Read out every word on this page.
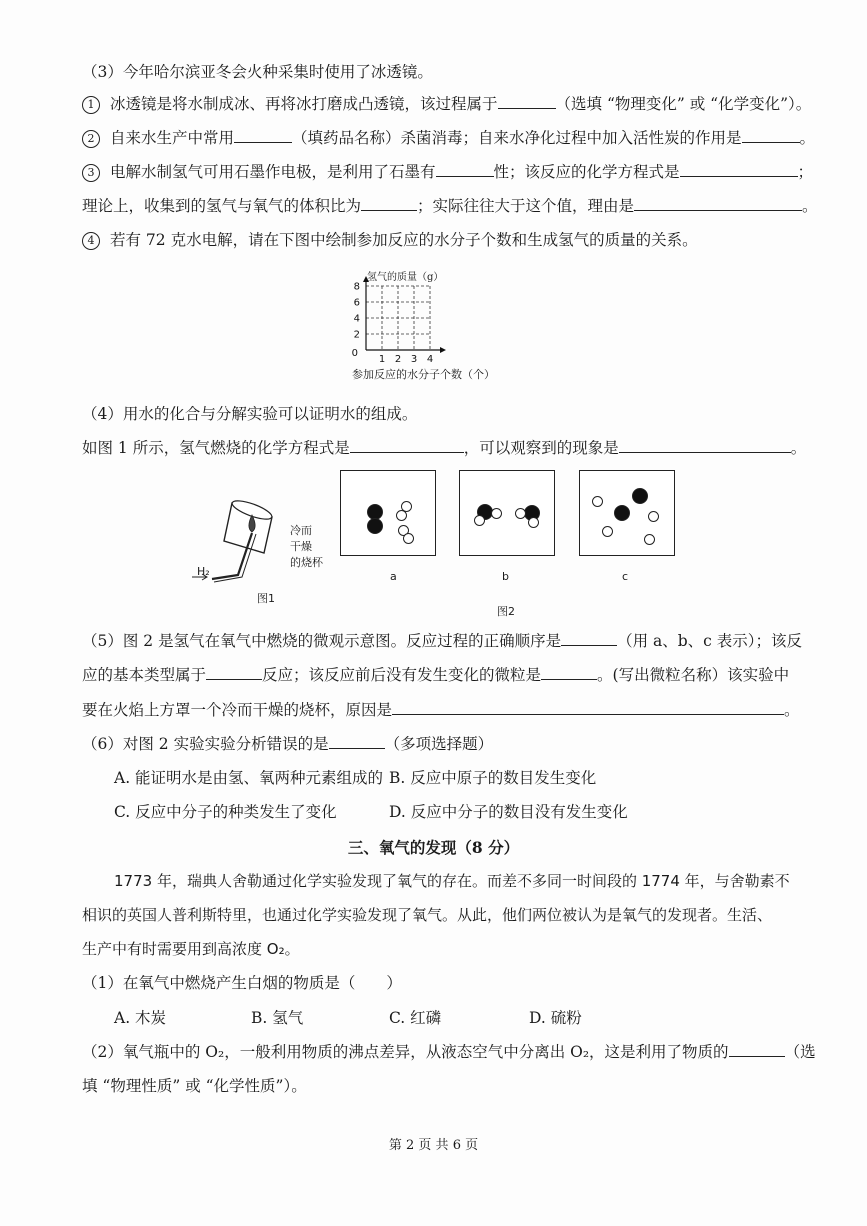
（3）今年哈尔滨亚冬会火种采集时使用了冰透镜。
1 冰透镜是将水制成冰、再将冰打磨成凸透镜，该过程属于	（选填 “物理变化” 或 “化学变化”）。
2 自来水生产中常用	（填药品名称）杀菌消毒；自来水净化过程中加入活性炭的作用是	。
3 电解水制氢气可用石墨作电极，是利用了石墨有	性；该反应的化学方程式是	；
理论上，收集到的氢气与氧气的体积比为	；实际往往大于这个值，理由是	。
4 若有 72 克水电解，请在下图中绘制参加反应的水分子个数和生成氢气的质量的关系。
2
4
6
8
1 2 3 4
0
氢气的质量（g）
参加反应的水分子个数（个）
（4）用水的化合与分解实验可以证明水的组成。
如图 1 所示，氢气燃烧的化学方程式是	，可以观察到的现象是	。
冷而
干燥
的烧杯
H₂
图1
a	b	c
图2
（5）图 2 是氢气在氧气中燃烧的微观示意图。反应过程的正确顺序是	（用 a、b、c 表示）；该反
应的基本类型属于	反应；该反应前后没有发生变化的微粒是	。(写出微粒名称）该实验中
要在火焰上方罩一个冷而干燥的烧杯，原因是	。
（6）对图 2 实验实验分析错误的是	（多项选择题）
A. 能证明水是由氢、氧两种元素组成的 B. 反应中原子的数目发生变化
C. 反应中分子的种类发生了变化	D. 反应中分子的数目没有发生变化
三、氧气的发现（8 分）
1773 年，瑞典人舍勒通过化学实验发现了氧气的存在。而差不多同一时间段的 1774 年，与舍勒素不
相识的英国人普利斯特里，也通过化学实验发现了氧气。从此，他们两位被认为是氧气的发现者。生活、
生产中有时需要用到高浓度 O₂。
（1）在氧气中燃烧产生白烟的物质是（　　）
A. 木炭	B. 氢气	C. 红磷	D. 硫粉
（2）氧气瓶中的 O₂，一般利用物质的沸点差异，从液态空气中分离出 O₂，这是利用了物质的	（选
填 “物理性质” 或 “化学性质”）。
第 2 页 共 6 页
